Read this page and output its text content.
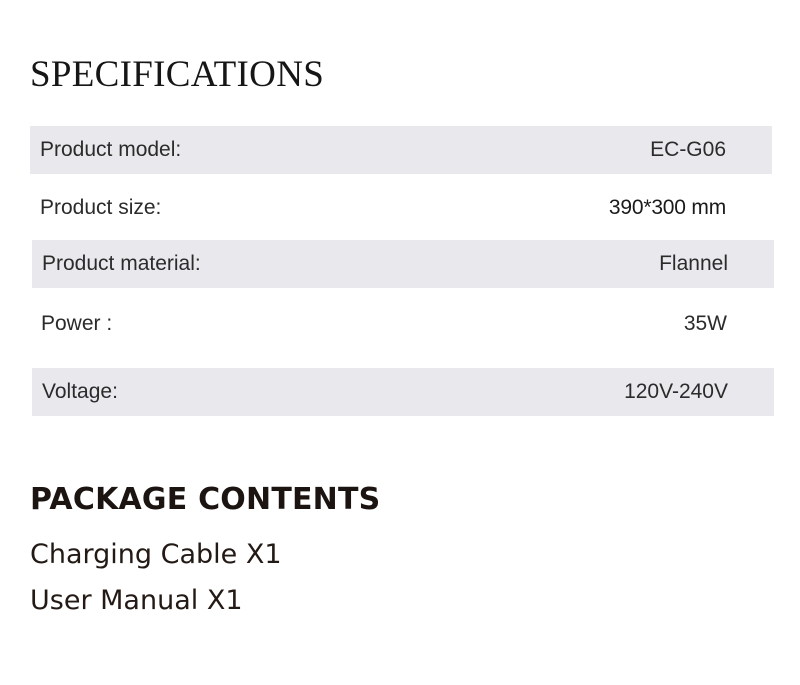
SPECIFICATIONS
Product model:	EC-G06
Product size:	390*300 mm
Product material:	Flannel
Power :	35W
Voltage:	120V-240V
PACKAGE CONTENTS

Charging Cable X1

User Manual X1
